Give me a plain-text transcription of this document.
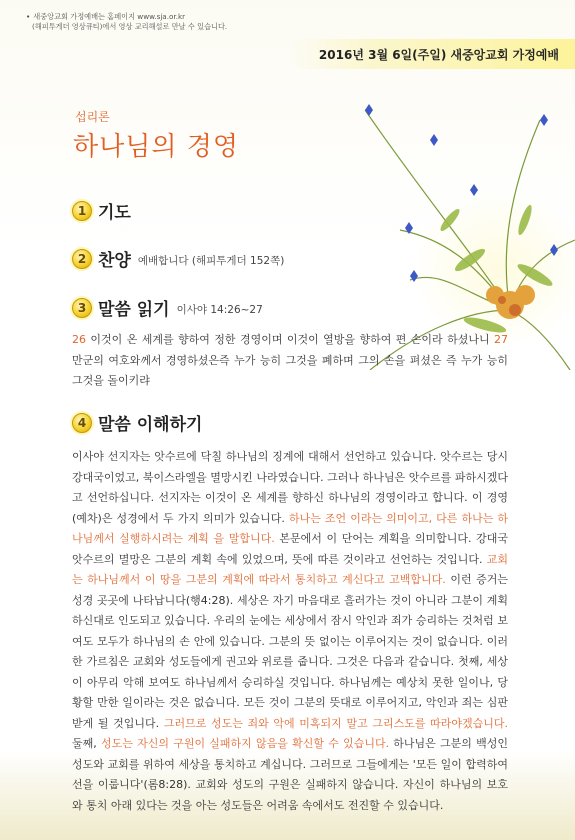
• 새중앙교회 가정예배는 홈페이지 www.sja.or.kr
(해피투게더 영상큐티)에서 영상 교리해설로 만날 수 있습니다.
2016년 3월 6일(주일) 새중앙교회 가정예배
섭리론
하나님의 경영
1 기도
2 찬양 예배합니다 (해피투게더 152쪽)
3 말씀 읽기 이사야 14:26~27
26 이것이 온 세계를 향하여 정한 경영이며 이것이 열방을 향하여 편 손이라 하셨나니 27 만군의 여호와께서 경영하셨은즉 누가 능히 그것을 폐하며 그의 손을 펴셨은 즉 누가 능히 그것을 돌이키랴
4 말씀 이해하기
이사야 선지자는 앗수르에 닥칠 하나님의 징계에 대해서 선언하고 있습니다. 앗수르는 당시 강대국이었고, 북이스라엘을 멸망시킨 나라였습니다. 그러나 하나님은 앗수르를 파하시겠다고 선언하십니다. 선지자는 이것이 온 세계를 향하신 하나님의 경영이라고 합니다. 이 경영(예차)은 성경에서 두 가지 의미가 있습니다. 하나는 조언 이라는 의미이고, 다른 하나는 하나님께서 실행하시려는 계획 을 말합니다. 본문에서 이 단어는 계획을 의미합니다. 강대국 앗수르의 멸망은 그분의 계획 속에 있었으며, 뜻에 따른 것이라고 선언하는 것입니다. 교회는 하나님께서 이 땅을 그분의 계획에 따라서 통치하고 계신다고 고백합니다. 이런 증거는 성경 곳곳에 나타납니다(행4:28). 세상은 자기 마음대로 흘러가는 것이 아니라 그분이 계획하신대로 인도되고 있습니다. 우리의 눈에는 세상에서 잠시 악인과 죄가 승리하는 것처럼 보여도 모두가 하나님의 손 안에 있습니다. 그분의 뜻 없이는 이루어지는 것이 없습니다. 이러한 가르침은 교회와 성도들에게 권고와 위로를 줍니다. 그것은 다음과 같습니다. 첫째, 세상이 아무리 악해 보여도 하나님께서 승리하실 것입니다. 하나님께는 예상치 못한 일이나, 당황할 만한 일이라는 것은 없습니다. 모든 것이 그분의 뜻대로 이루어지고, 악인과 죄는 심판받게 될 것입니다. 그러므로 성도는 죄와 악에 미혹되지 말고 그리스도를 따라야겠습니다. 둘째, 성도는 자신의 구원이 실패하지 않음을 확신할 수 있습니다. 하나님은 그분의 백성인 성도와 교회를 위하여 세상을 통치하고 계십니다. 그러므로 그들에게는 '모든 일이 합력하여 선을 이룹니다'(롬8:28). 교회와 성도의 구원은 실패하지 않습니다. 자신이 하나님의 보호와 통치 아래 있다는 것을 아는 성도들은 어려움 속에서도 전진할 수 있습니다.
